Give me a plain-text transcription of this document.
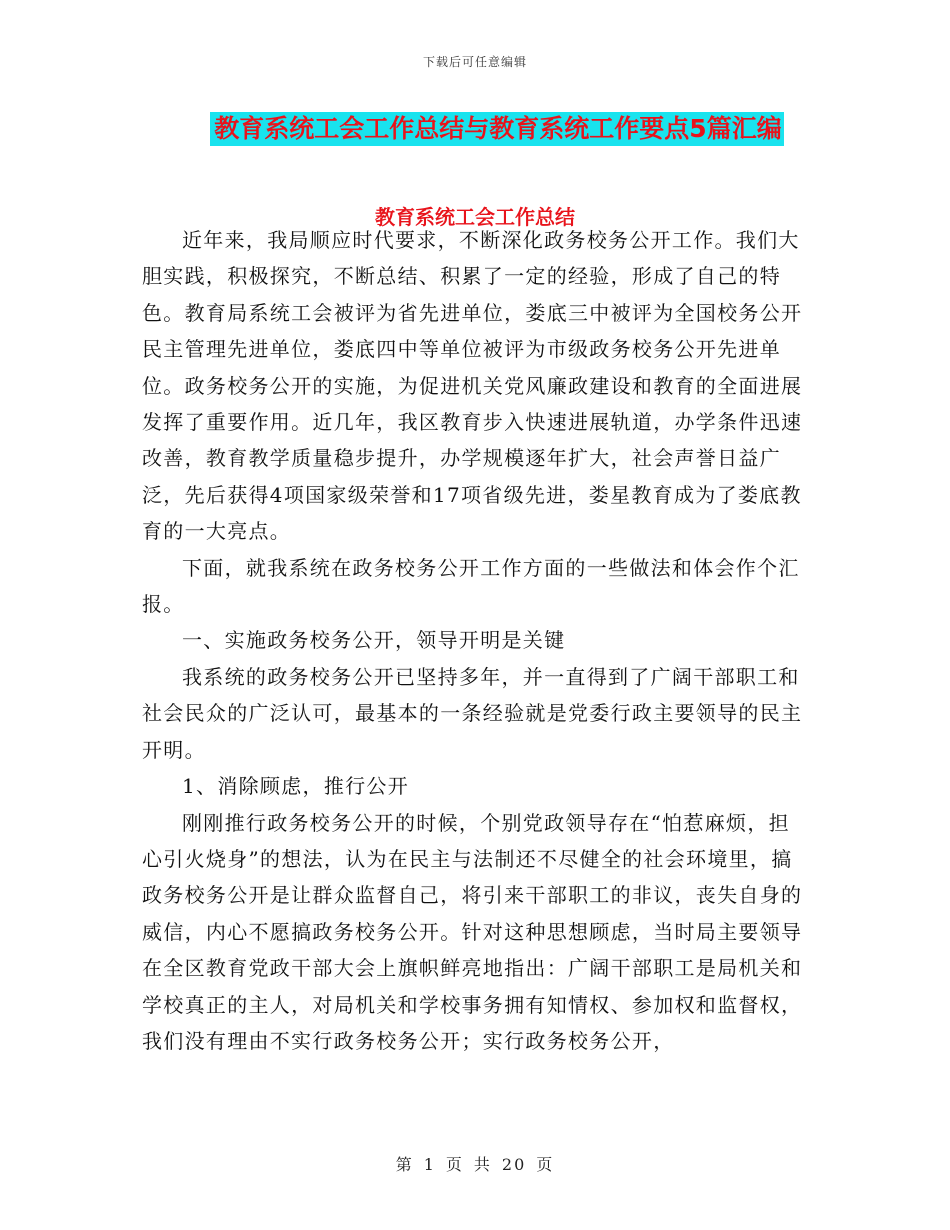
下载后可任意编辑
教育系统工会工作总结与教育系统工作要点5篇汇编
教育系统工会工作总结

近年来，我局顺应时代要求，不断深化政务校务公开工作。我们大胆实践，积极探究，不断总结、积累了一定的经验，形成了自己的特色。教育局系统工会被评为省先进单位，娄底三中被评为全国校务公开民主管理先进单位，娄底四中等单位被评为市级政务校务公开先进单位。政务校务公开的实施，为促进机关党风廉政建设和教育的全面进展发挥了重要作用。近几年，我区教育步入快速进展轨道，办学条件迅速改善，教育教学质量稳步提升，办学规模逐年扩大，社会声誉日益广泛，先后获得4项国家级荣誉和17项省级先进，娄星教育成为了娄底教育的一大亮点。

下面，就我系统在政务校务公开工作方面的一些做法和体会作个汇报。

一、实施政务校务公开，领导开明是关键

我系统的政务校务公开已坚持多年，并一直得到了广阔干部职工和社会民众的广泛认可，最基本的一条经验就是党委行政主要领导的民主开明。

1、消除顾虑，推行公开

刚刚推行政务校务公开的时候，个别党政领导存在“怕惹麻烦，担心引火烧身”的想法，认为在民主与法制还不尽健全的社会环境里，搞政务校务公开是让群众监督自己，将引来干部职工的非议，丧失自身的威信，内心不愿搞政务校务公开。针对这种思想顾虑，当时局主要领导在全区教育党政干部大会上旗帜鲜亮地指出：广阔干部职工是局机关和学校真正的主人，对局机关和学校事务拥有知情权、参加权和监督权，我们没有理由不实行政务校务公开；实行政务校务公开，

第 1 页 共 20 页
